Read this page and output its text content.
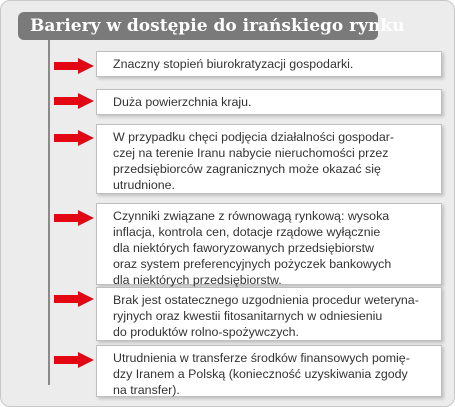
Bariery w dostępie do irańskiego rynku
Znaczny stopień biurokratyzacji gospodarki.
Duża powierzchnia kraju.
W przypadku chęci podjęcia działalności gospodar-
czej na terenie Iranu nabycie nieruchomości przez
przedsiębiorców zagranicznych może okazać się
utrudnione.
Czynniki związane z równowagą rynkową: wysoka
inflacja, kontrola cen, dotacje rządowe wyłącznie
dla niektórych faworyzowanych przedsiębiorstw
oraz system preferencyjnych pożyczek bankowych
dla niektórych przedsiębiorstw.
Brak jest ostatecznego uzgodnienia procedur weteryna-
ryjnych oraz kwestii fitosanitarnych w odniesieniu
do produktów rolno-spożywczych.
Utrudnienia w transferze środków finansowych pomię-
dzy Iranem a Polską (konieczność uzyskiwania zgody
na transfer).
